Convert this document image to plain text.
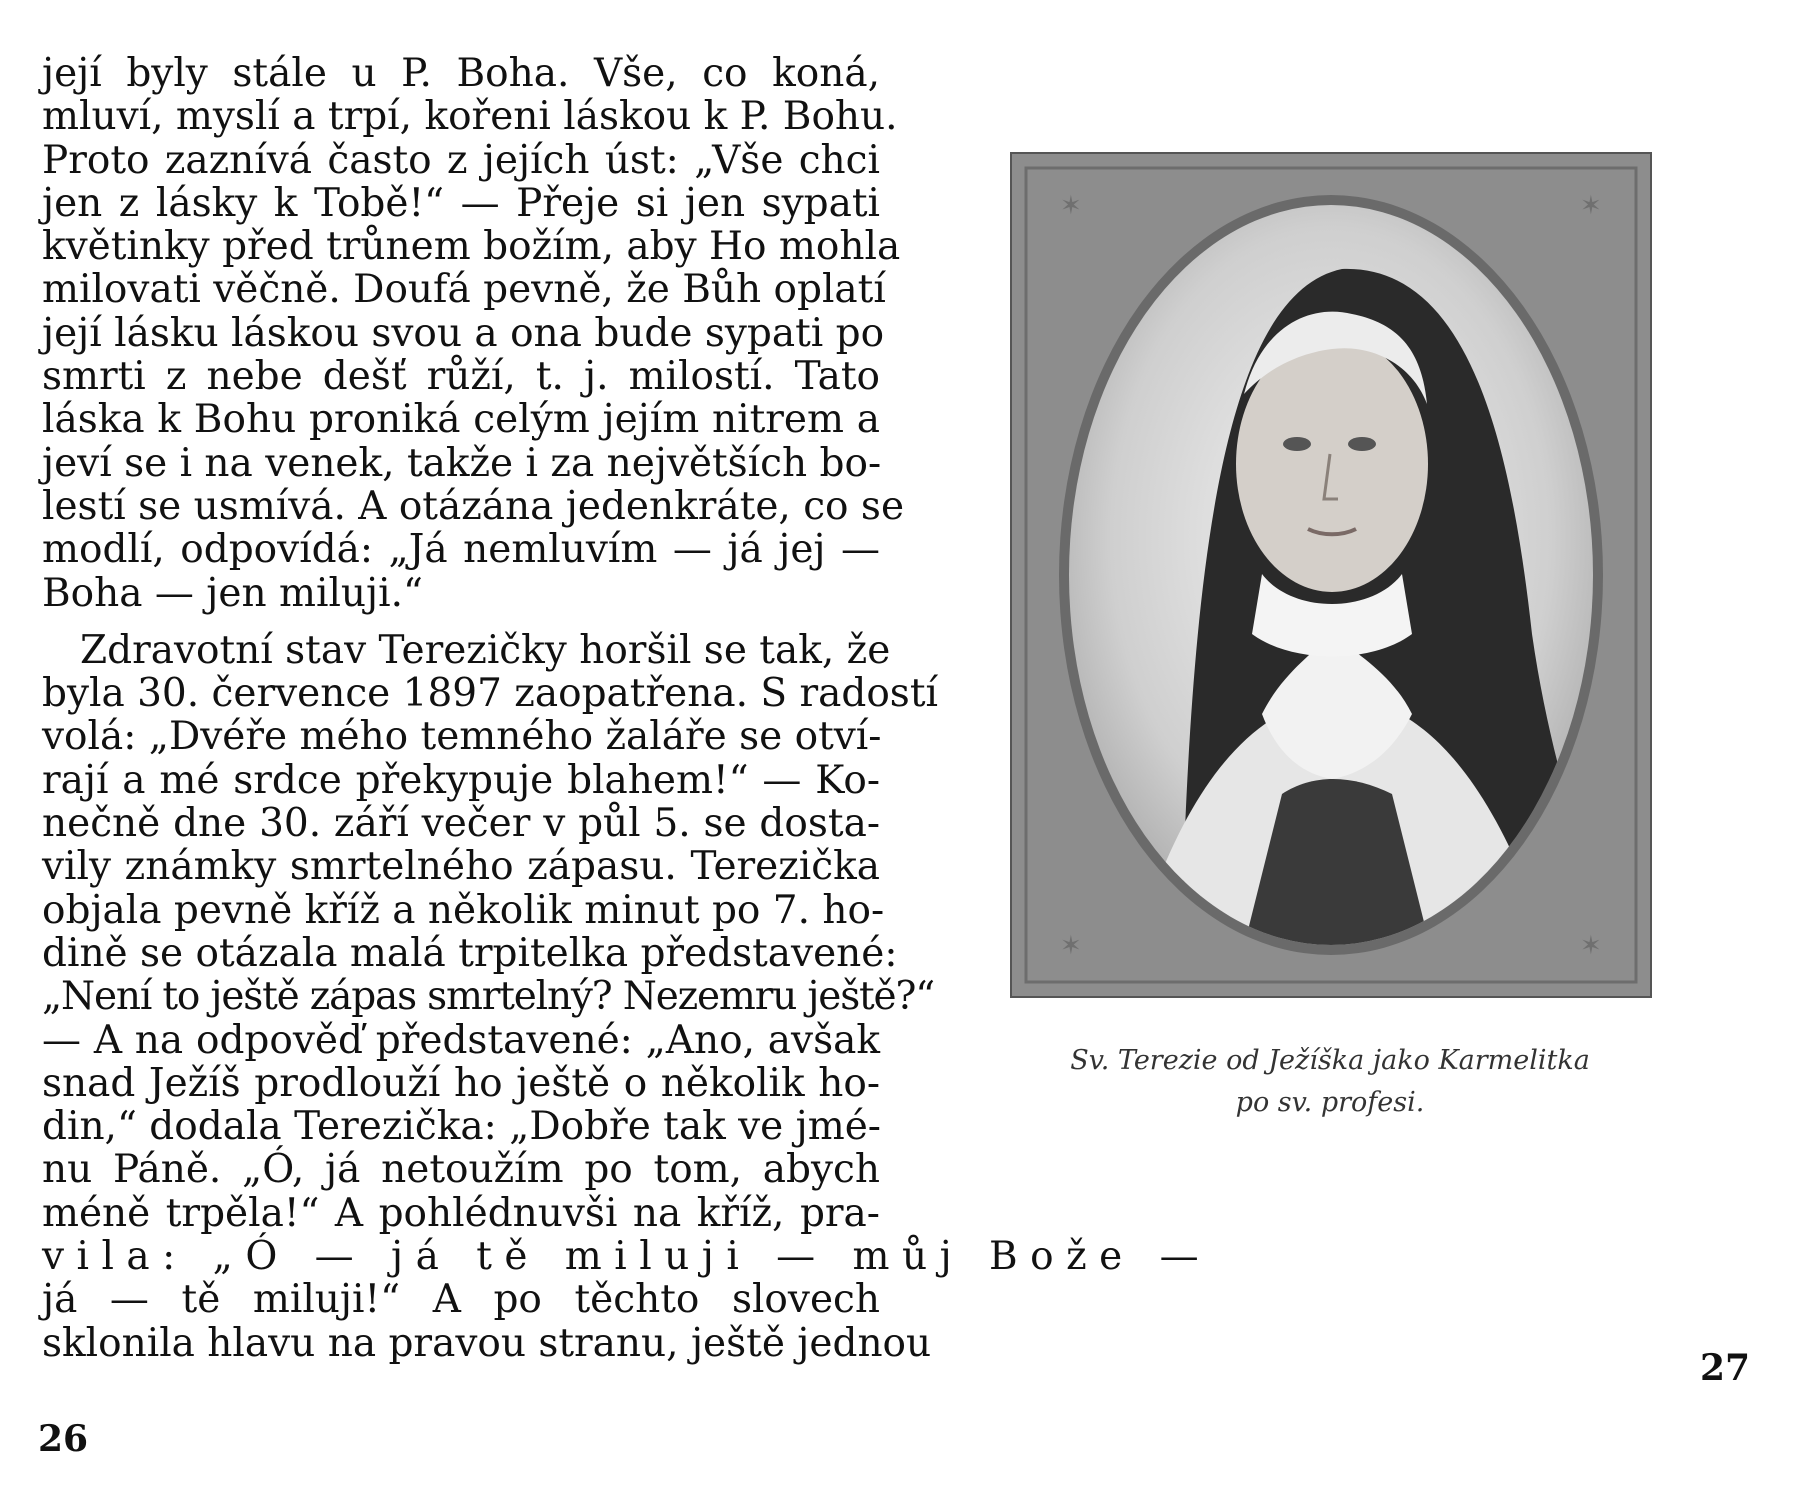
její byly stále u P. Boha. Vše, co koná,
mluví, myslí a trpí, kořeni láskou k P. Bohu.
Proto zaznívá často z jejích úst: „Vše chci
jen z lásky k Tobě!“ — Přeje si jen sypati
květinky před trůnem božím, aby Ho mohla
milovati věčně. Doufá pevně, že Bůh oplatí
její lásku láskou svou a ona bude sypati po
smrti z nebe dešť růží, t. j. milostí. Tato
láska k Bohu proniká celým jejím nitrem a
jeví se i na venek, takže i za největších bo-
lestí se usmívá. A otázána jedenkráte, co se
modlí, odpovídá: „Já nemluvím — já jej —
Boha — jen miluji.“
Zdravotní stav Terezičky horšil se tak, že
byla 30. července 1897 zaopatřena. S radostí
volá: „Dvéře mého temného žaláře se otví-
rají a mé srdce překypuje blahem!“ — Ko-
nečně dne 30. září večer v půl 5. se dosta-
vily známky smrtelného zápasu. Terezička
objala pevně kříž a několik minut po 7. ho-
dině se otázala malá trpitelka představené:
„Není to ještě zápas smrtelný? Nezemru ještě?“
— A na odpověď představené: „Ano, avšak
snad Ježíš prodlouží ho ještě o několik ho-
din,“ dodala Terezička: „Dobře tak ve jmé-
nu Páně. „Ó, já netoužím po tom, abych
méně trpěla!“ A pohlédnuvši na kříž, pra-
vila: „Ó — já tě miluji — můj Bože —
já — tě miluji!“ A po těchto slovech
sklonila hlavu na pravou stranu, ještě jednou
26
✶	✶
✶	✶
Sv. Terezie od Ježíška jako Karmelitka
po sv. profesi.
27
